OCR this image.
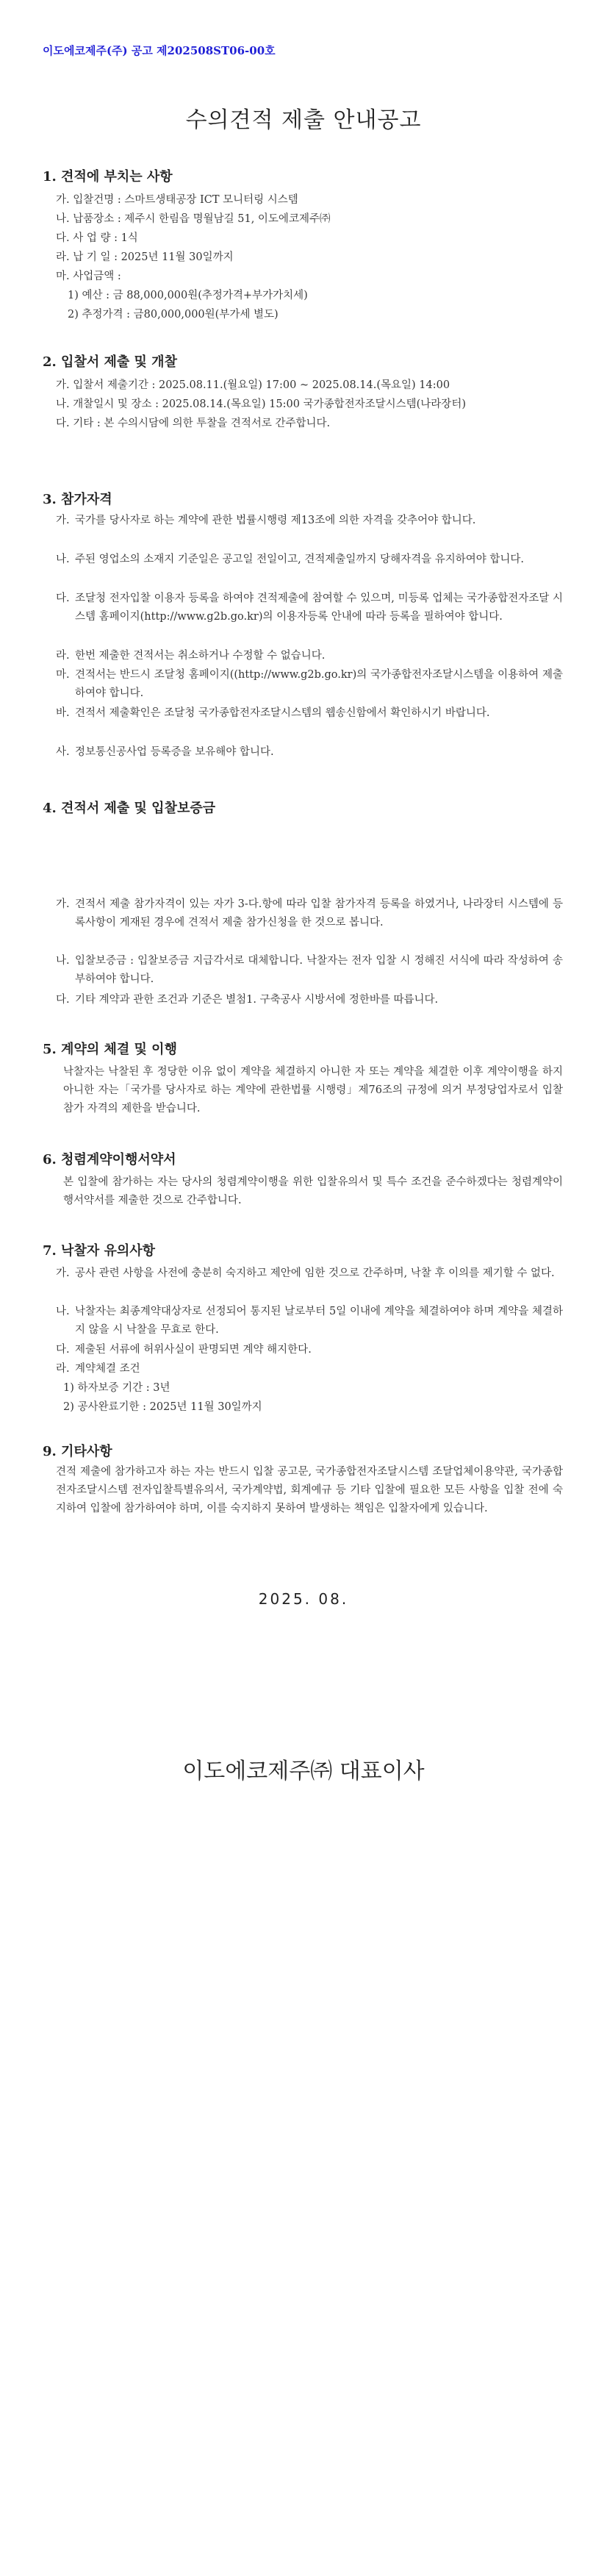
이도에코제주(주) 공고 제202508ST06-00호
수의견적 제출 안내공고
1. 견적에 부치는 사항
가. 입찰건명 : 스마트생태공장 ICT 모니터링 시스템
나. 납품장소 : 제주시 한림읍 명월남길 51, 이도에코제주㈜
다. 사 업 량 : 1식
라. 납 기 일 : 2025년 11월 30일까지
마. 사업금액 :
1) 예산 : 금 88,000,000원(추정가격+부가가치세)
2) 추정가격 : 금80,000,000원(부가세 별도)
2. 입찰서 제출 및 개찰
가. 입찰서 제출기간 : 2025.08.11.(월요일) 17:00 ~ 2025.08.14.(목요일) 14:00
나. 개찰일시 및 장소 : 2025.08.14.(목요일) 15:00 국가종합전자조달시스템(나라장터)
다. 기타 : 본 수의시담에 의한 투찰을 견적서로 간주합니다.
3. 참가자격
가. 국가를 당사자로 하는 계약에 관한 법률시행령 제13조에 의한 자격을 갖추어야 합니다.
나. 주된 영업소의 소재지 기준일은 공고일 전일이고, 견적제출일까지 당해자격을 유지하여야 합니다.
다. 조달청 전자입찰 이용자 등록을 하여야 견적제출에 참여할 수 있으며, 미등록 업체는 국가종합전자조달 시스템 홈페이지(http://www.g2b.go.kr)의 이용자등록 안내에 따라 등록을 필하여야 합니다.
라. 한번 제출한 견적서는 취소하거나 수정할 수 없습니다.
마. 견적서는 반드시 조달청 홈페이지((http://www.g2b.go.kr)의 국가종합전자조달시스템을 이용하여 제출하여야 합니다.
바. 견적서 제출확인은 조달청 국가종합전자조달시스템의 웹송신함에서 확인하시기 바랍니다.
사. 정보통신공사업 등록증을 보유해야 합니다.
4. 견적서 제출 및 입찰보증금
가. 견적서 제출 참가자격이 있는 자가 3-다.항에 따라 입찰 참가자격 등록을 하였거나, 나라장터 시스템에 등록사항이 게재된 경우에 견적서 제출 참가신청을 한 것으로 봅니다.
나. 입찰보증금 : 입찰보증금 지급각서로 대체합니다. 낙찰자는 전자 입찰 시 정해진 서식에 따라 작성하여 송부하여야 합니다.
다. 기타 계약과 관한 조건과 기준은 별첨1. 구축공사 시방서에 정한바를 따릅니다.
5. 계약의 체결 및 이행
낙찰자는 낙찰된 후 정당한 이유 없이 계약을 체결하지 아니한 자 또는 계약을 체결한 이후 계약이행을 하지 아니한 자는「국가를 당사자로 하는 계약에 관한법률 시행령」제76조의 규정에 의거 부정당업자로서 입찰참가 자격의 제한을 받습니다.
6. 청렴계약이행서약서
본 입찰에 참가하는 자는 당사의 청렴계약이행을 위한 입찰유의서 및 특수 조건을 준수하겠다는 청렴계약이행서약서를 제출한 것으로 간주합니다.
7. 낙찰자 유의사항
가. 공사 관련 사항을 사전에 충분히 숙지하고 제안에 임한 것으로 간주하며, 낙찰 후 이의를 제기할 수 없다.
나. 낙찰자는 최종계약대상자로 선정되어 통지된 날로부터 5일 이내에 계약을 체결하여야 하며 계약을 체결하지 않을 시 낙찰을 무효로 한다.
다. 제출된 서류에 허위사실이 판명되면 계약 해지한다.
라. 계약체결 조건
1) 하자보증 기간 : 3년
2) 공사완료기한 : 2025년 11월 30일까지
9. 기타사항
견적 제출에 참가하고자 하는 자는 반드시 입찰 공고문, 국가종합전자조달시스템 조달업체이용약관, 국가종합전자조달시스템 전자입찰특별유의서, 국가계약법, 회계예규 등 기타 입찰에 필요한 모든 사항을 입찰 전에 숙지하여 입찰에 참가하여야 하며, 이를 숙지하지 못하여 발생하는 책임은 입찰자에게 있습니다.
2025. 08.
이도에코제주㈜ 대표이사
